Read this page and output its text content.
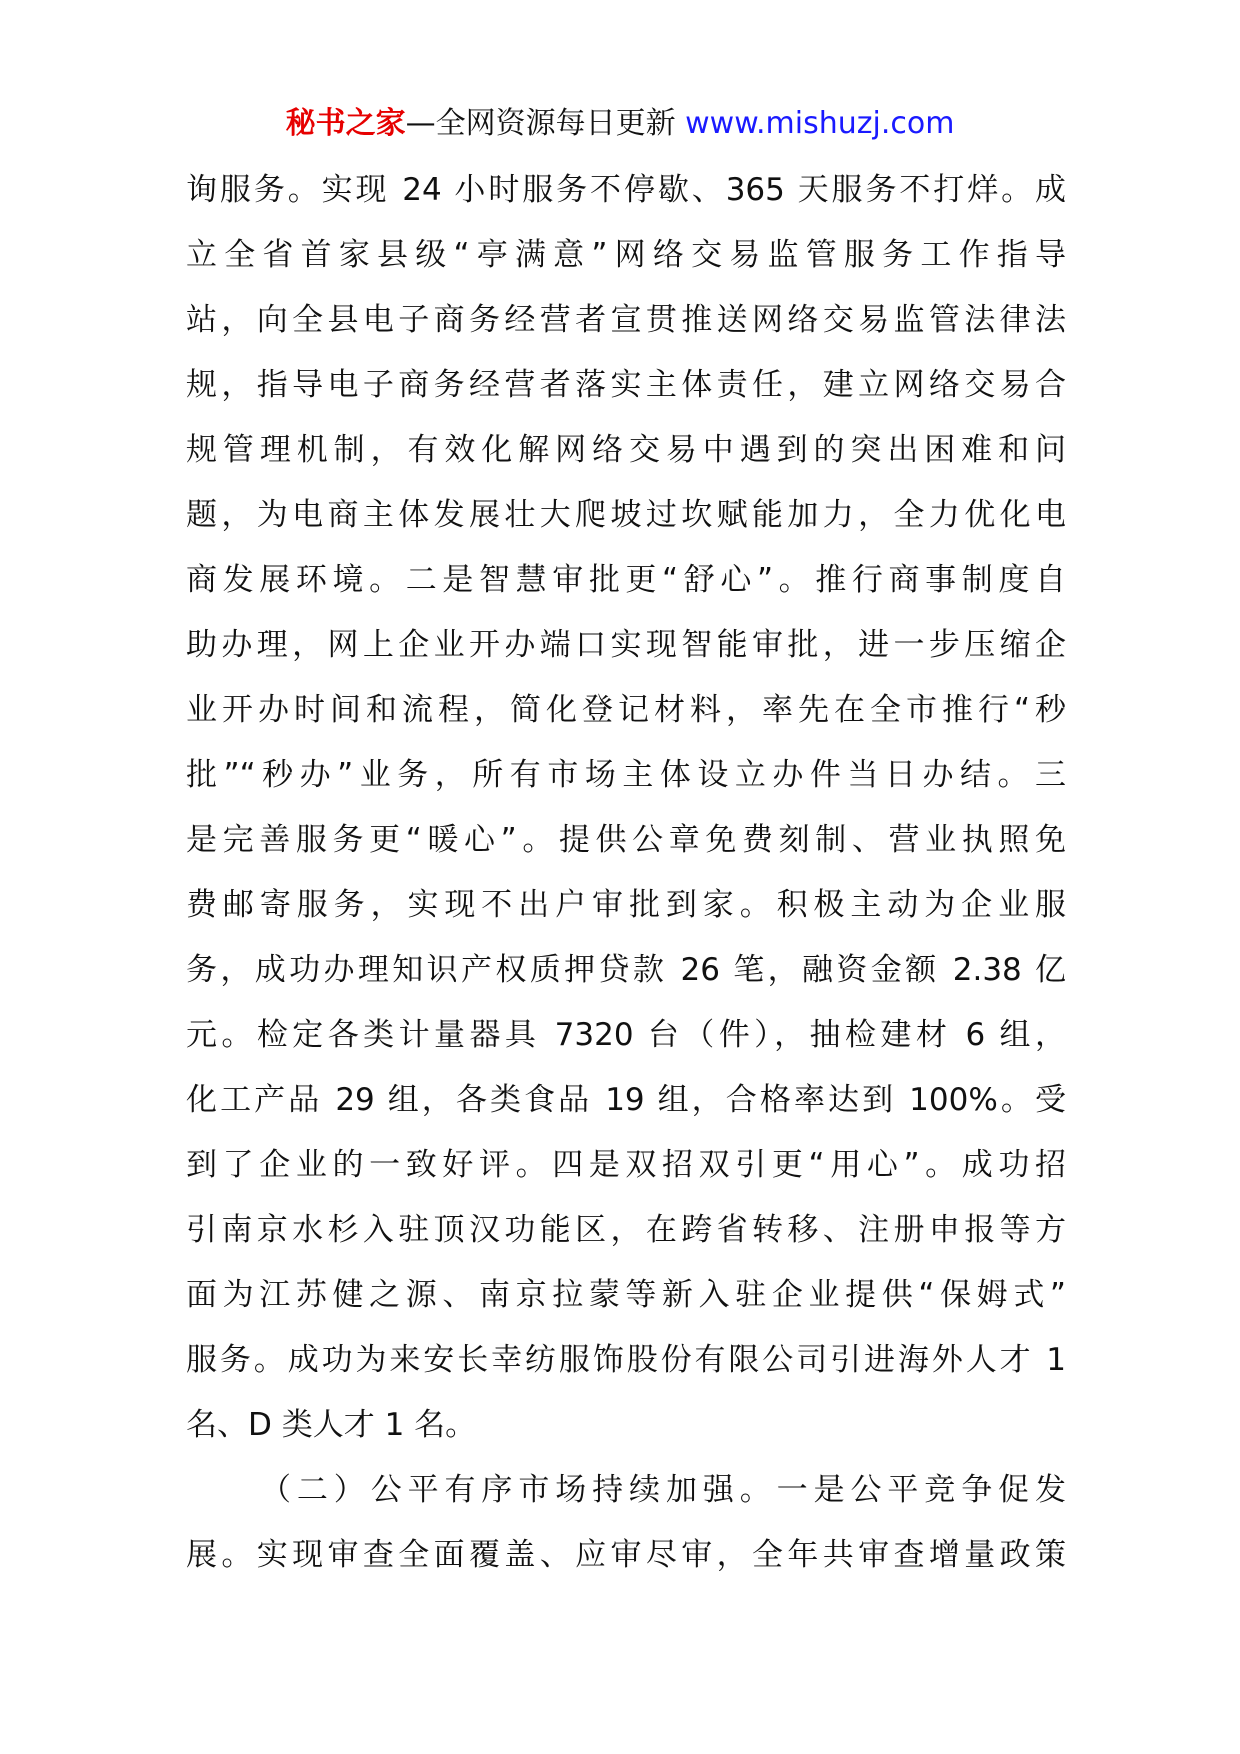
秘书之家—全网资源每日更新 www.mishuzj.com
询服务。实现 24 小时服务不停歇、365 天服务不打烊。成
立全省首家县级“亭满意”网络交易监管服务工作指导
站，向全县电子商务经营者宣贯推送网络交易监管法律法
规，指导电子商务经营者落实主体责任，建立网络交易合
规管理机制，有效化解网络交易中遇到的突出困难和问
题，为电商主体发展壮大爬坡过坎赋能加力，全力优化电
商发展环境。二是智慧审批更“舒心”。推行商事制度自
助办理，网上企业开办端口实现智能审批，进一步压缩企
业开办时间和流程，简化登记材料，率先在全市推行“秒
批”“秒办”业务，所有市场主体设立办件当日办结。三
是完善服务更“暖心”。提供公章免费刻制、营业执照免
费邮寄服务，实现不出户审批到家。积极主动为企业服
务，成功办理知识产权质押贷款 26 笔，融资金额 2.38 亿
元。检定各类计量器具 7320 台（件），抽检建材 6 组，
化工产品 29 组，各类食品 19 组，合格率达到 100%。受
到了企业的一致好评。四是双招双引更“用心”。成功招
引南京水杉入驻顶汉功能区，在跨省转移、注册申报等方
面为江苏健之源、南京拉蒙等新入驻企业提供“保姆式”
服务。成功为来安长幸纺服饰股份有限公司引进海外人才 1
名、D 类人才 1 名。
（二）公平有序市场持续加强。一是公平竞争促发
展。实现审查全面覆盖、应审尽审，全年共审查增量政策
